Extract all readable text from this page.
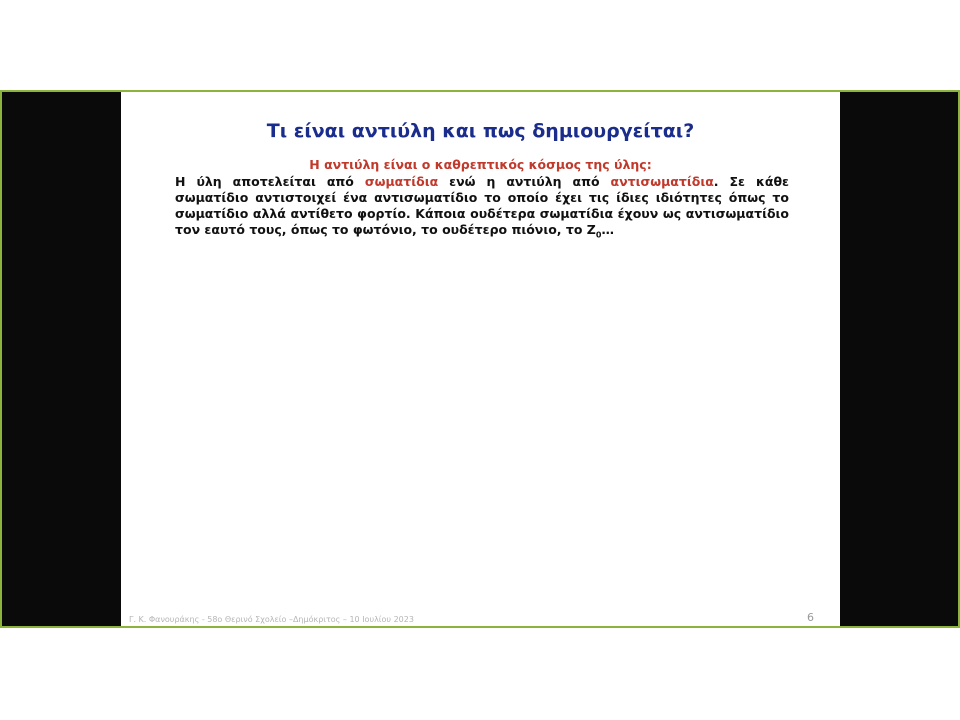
Τι είναι αντιύλη και πως δημιουργείται?
Η αντιύλη είναι ο καθρεπτικός κόσμος της ύλης:
Η ύλη αποτελείται από σωματίδια ενώ η αντιύλη από αντισωματίδια. Σε κάθε σωματίδιο αντιστοιχεί ένα αντισωματίδιο το οποίο έχει τις ίδιες ιδιότητες όπως το σωματίδιο αλλά αντίθετο φορτίο. Κάποια ουδέτερα σωματίδια έχουν ως αντισωματίδιο τον εαυτό τους, όπως το φωτόνιο, το ουδέτερο πιόνιο, το $Z_0\dots$
Γ. Κ. Φανουράκης - 58ο Θερινό Σχολείο –Δημόκριτος – 10 Ιουλίου 2023	6
